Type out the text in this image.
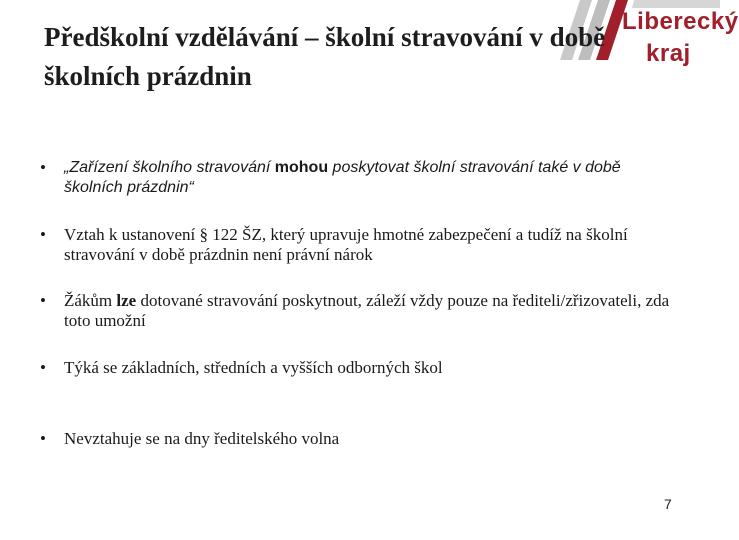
Liberecký
kraj
Předškolní vzdělávání – školní stravování v době školních prázdnin
•	„Zařízení školního stravování mohou poskytovat školní stravování také v době školních prázdnin“
•	Vztah k ustanovení § 122 ŠZ, který upravuje hmotné zabezpečení a tudíž na školní stravování v době prázdnin není právní nárok
•	Žákům lze dotované stravování poskytnout, záleží vždy pouze na řediteli/zřizovateli, zda toto umožní
•	Týká se základních, středních a vyšších odborných škol
•	Nevztahuje se na dny ředitelského volna
7
